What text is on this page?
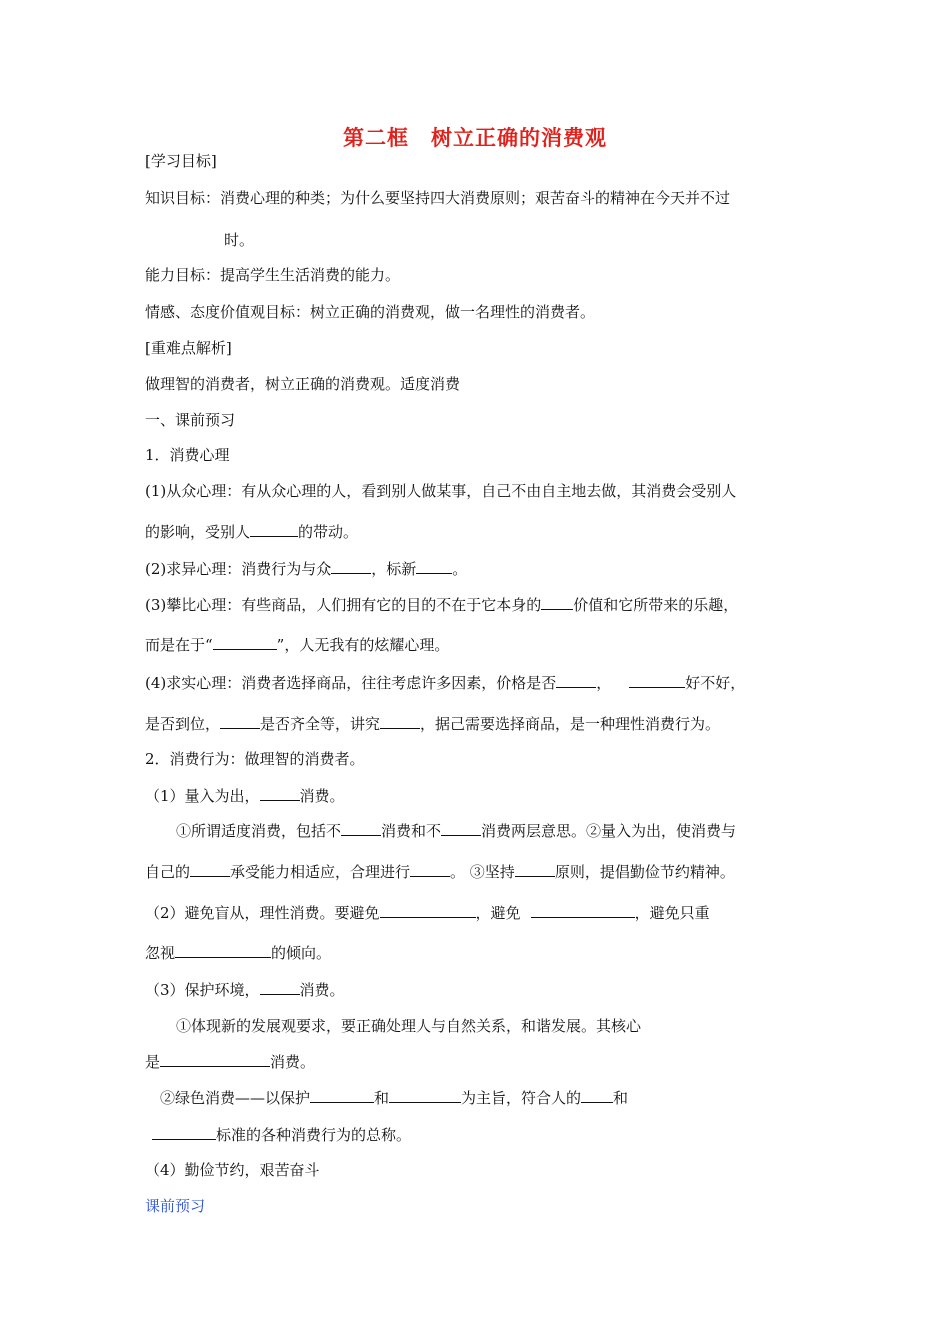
第二框　树立正确的消费观
[学习目标]
知识目标：消费心理的种类；为什么要坚持四大消费原则；艰苦奋斗的精神在今天并不过
时。
能力目标：提高学生生活消费的能力。
情感、态度价值观目标：树立正确的消费观，做一名理性的消费者。
[重难点解析]
做理智的消费者，树立正确的消费观。适度消费
一、课前预习
1．消费心理
(1)从众心理：有从众心理的人，看到别人做某事，自己不由自主地去做，其消费会受别人
的影响，受别人	的带动。
(2)求异心理：消费行为与众	，标新 。
(3)攀比心理：有些商品，人们拥有它的目的不在于它本身的 价值和它所带来的乐趣，
而是在于“	”，人无我有的炫耀心理。
(4)求实心理：消费者选择商品，往往考虑许多因素，价格是否	，	好不好，
是否到位，	是否齐全等，讲究	，据己需要选择商品，是一种理性消费行为。
2．消费行为：做理智的消费者。
（1）量入为出，	消费。
①所谓适度消费，包括不	消费和不	消费两层意思。②量入为出，使消费与
自己的	承受能力相适应，合理进行	。 ③坚持	原则，提倡勤俭节约精神。
（2）避免盲从，理性消费。要避免	，避免	，避免只重
忽视	的倾向。
（3）保护环境，	消费。
①体现新的发展观要求，要正确处理人与自然关系，和谐发展。其核心
是	消费。
②绿色消费——以保护	和	为主旨，符合人的 和
标准的各种消费行为的总称。
（4）勤俭节约，艰苦奋斗
课前预习
